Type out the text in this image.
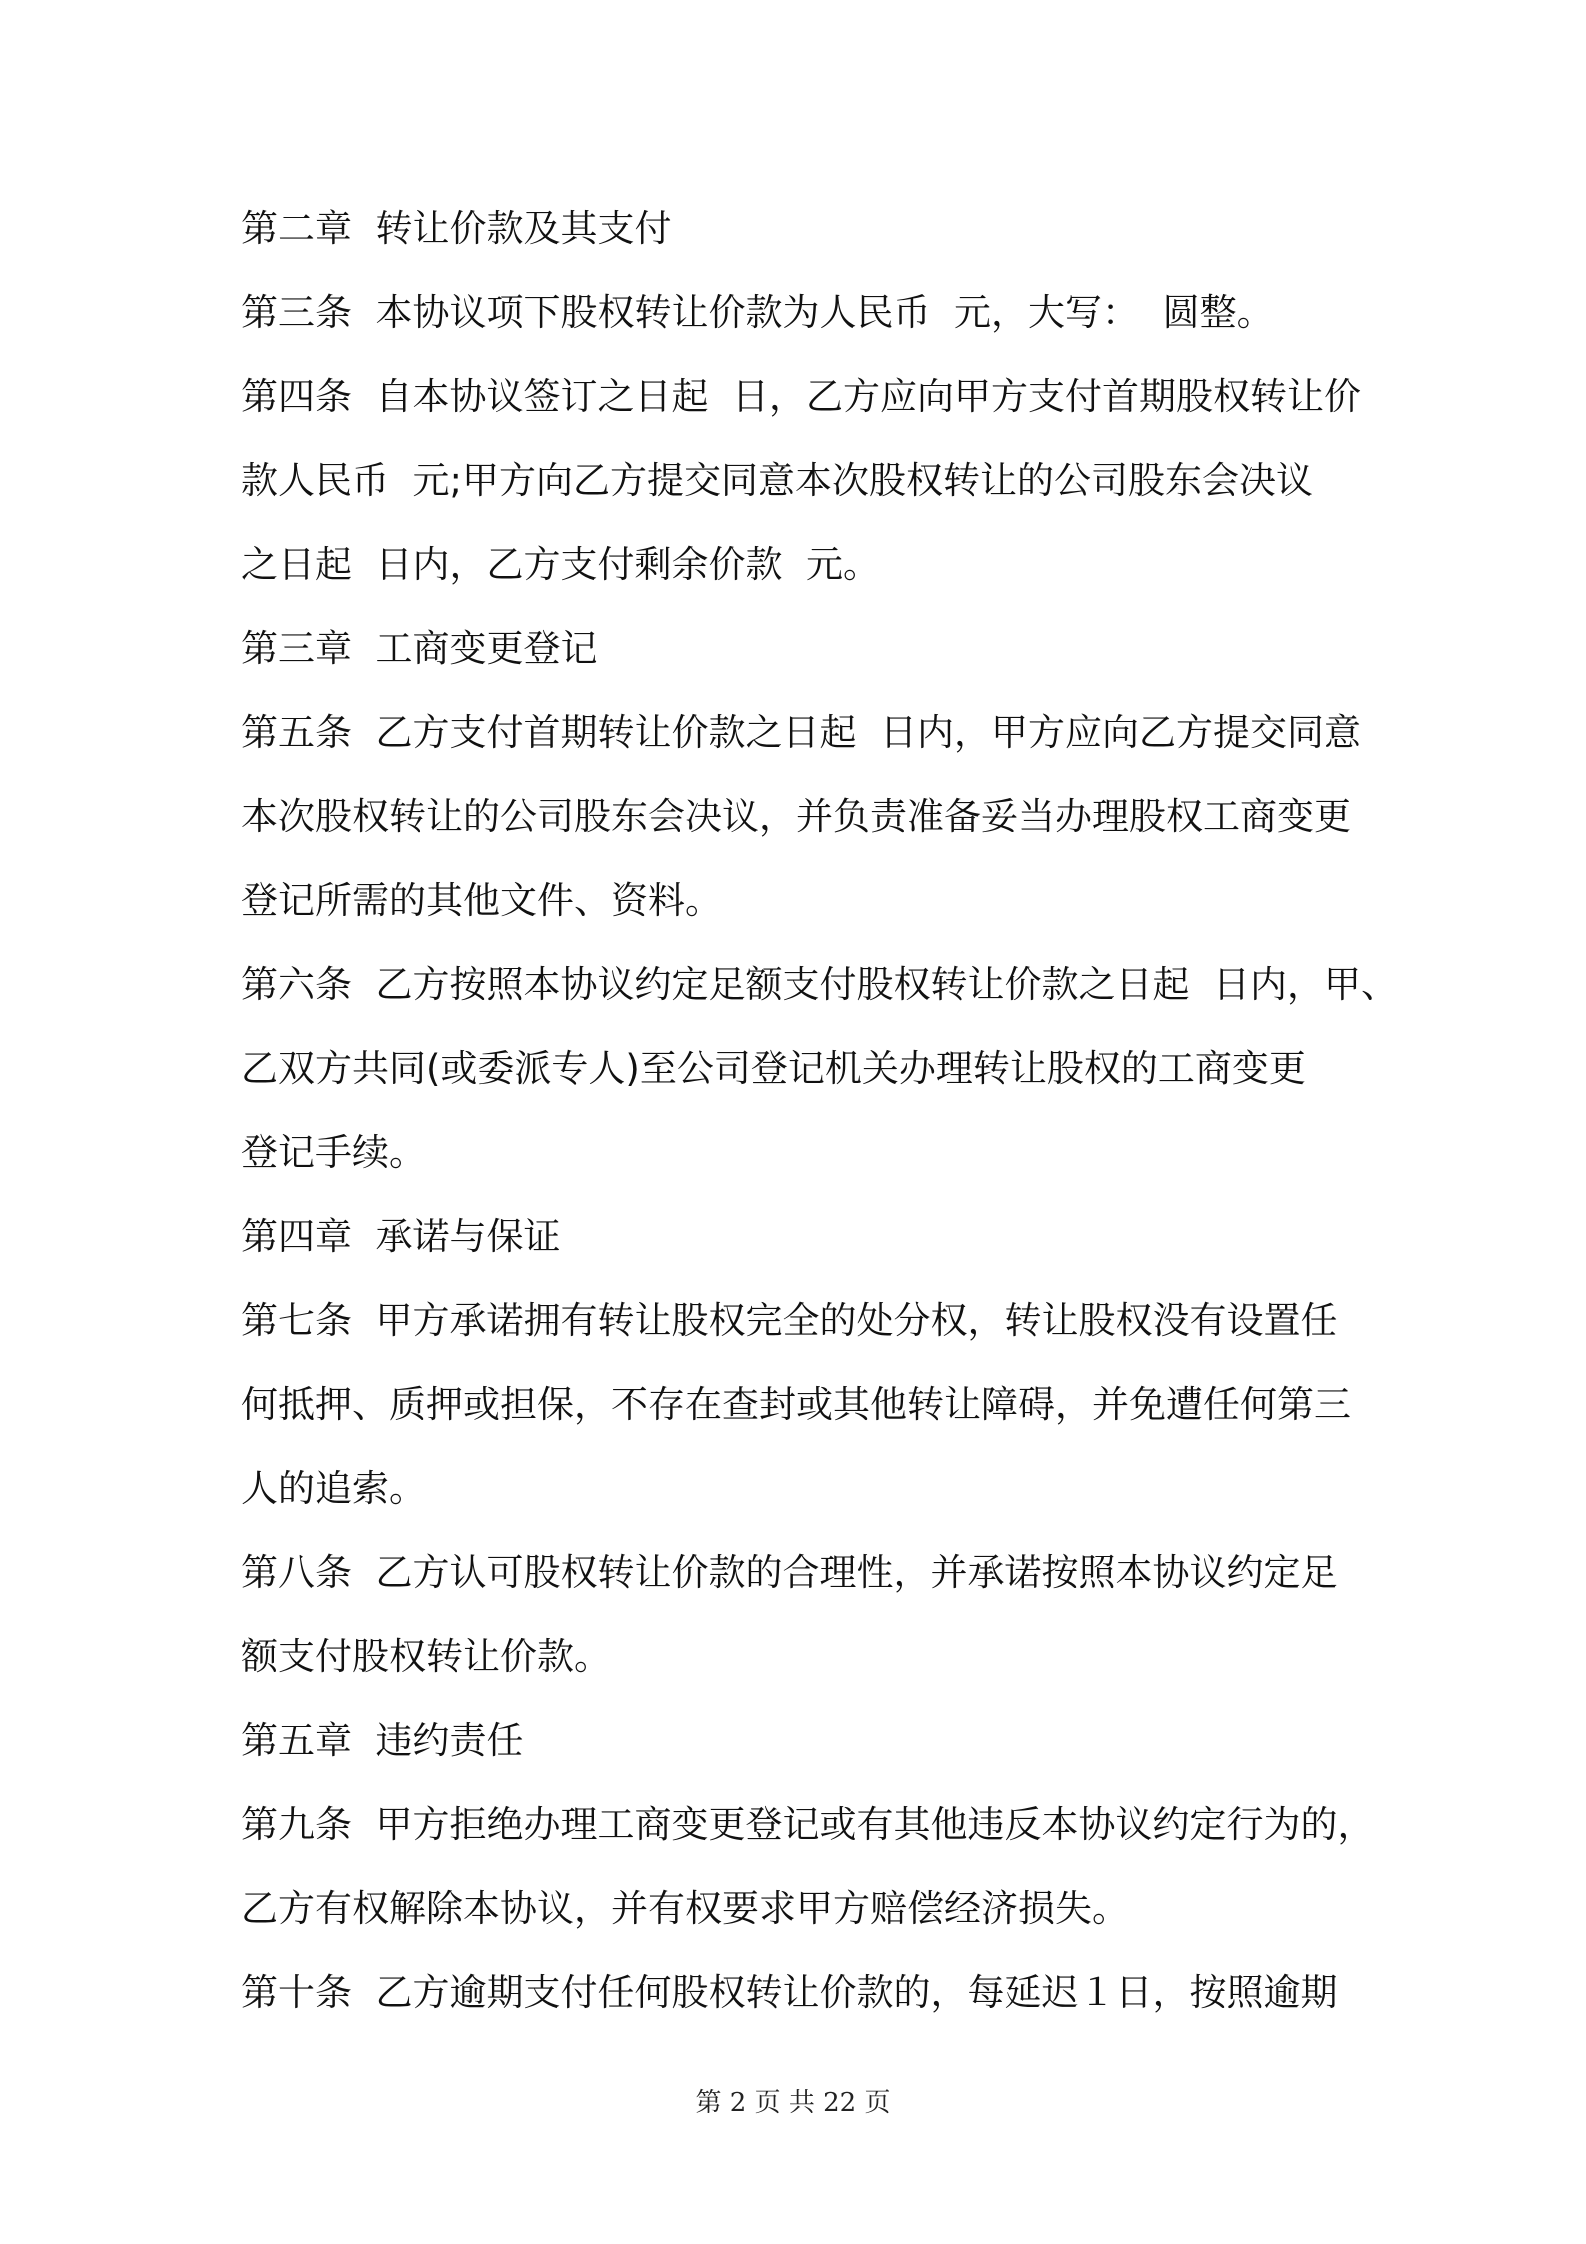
第二章  转让价款及其支付
第三条  本协议项下股权转让价款为人民币  元，大写：  圆整。
第四条  自本协议签订之日起  日，乙方应向甲方支付首期股权转让价
款人民币  元;甲方向乙方提交同意本次股权转让的公司股东会决议
之日起  日内，乙方支付剩余价款  元。
第三章  工商变更登记
第五条  乙方支付首期转让价款之日起  日内，甲方应向乙方提交同意
本次股权转让的公司股东会决议，并负责准备妥当办理股权工商变更
登记所需的其他文件、资料。
第六条  乙方按照本协议约定足额支付股权转让价款之日起  日内，甲、
乙双方共同(或委派专人)至公司登记机关办理转让股权的工商变更
登记手续。
第四章  承诺与保证
第七条  甲方承诺拥有转让股权完全的处分权，转让股权没有设置任
何抵押、质押或担保，不存在查封或其他转让障碍，并免遭任何第三
人的追索。
第八条  乙方认可股权转让价款的合理性，并承诺按照本协议约定足
额支付股权转让价款。
第五章  违约责任
第九条  甲方拒绝办理工商变更登记或有其他违反本协议约定行为的，
乙方有权解除本协议，并有权要求甲方赔偿经济损失。
第十条  乙方逾期支付任何股权转让价款的，每延迟１日，按照逾期
第 2 页 共 22 页
